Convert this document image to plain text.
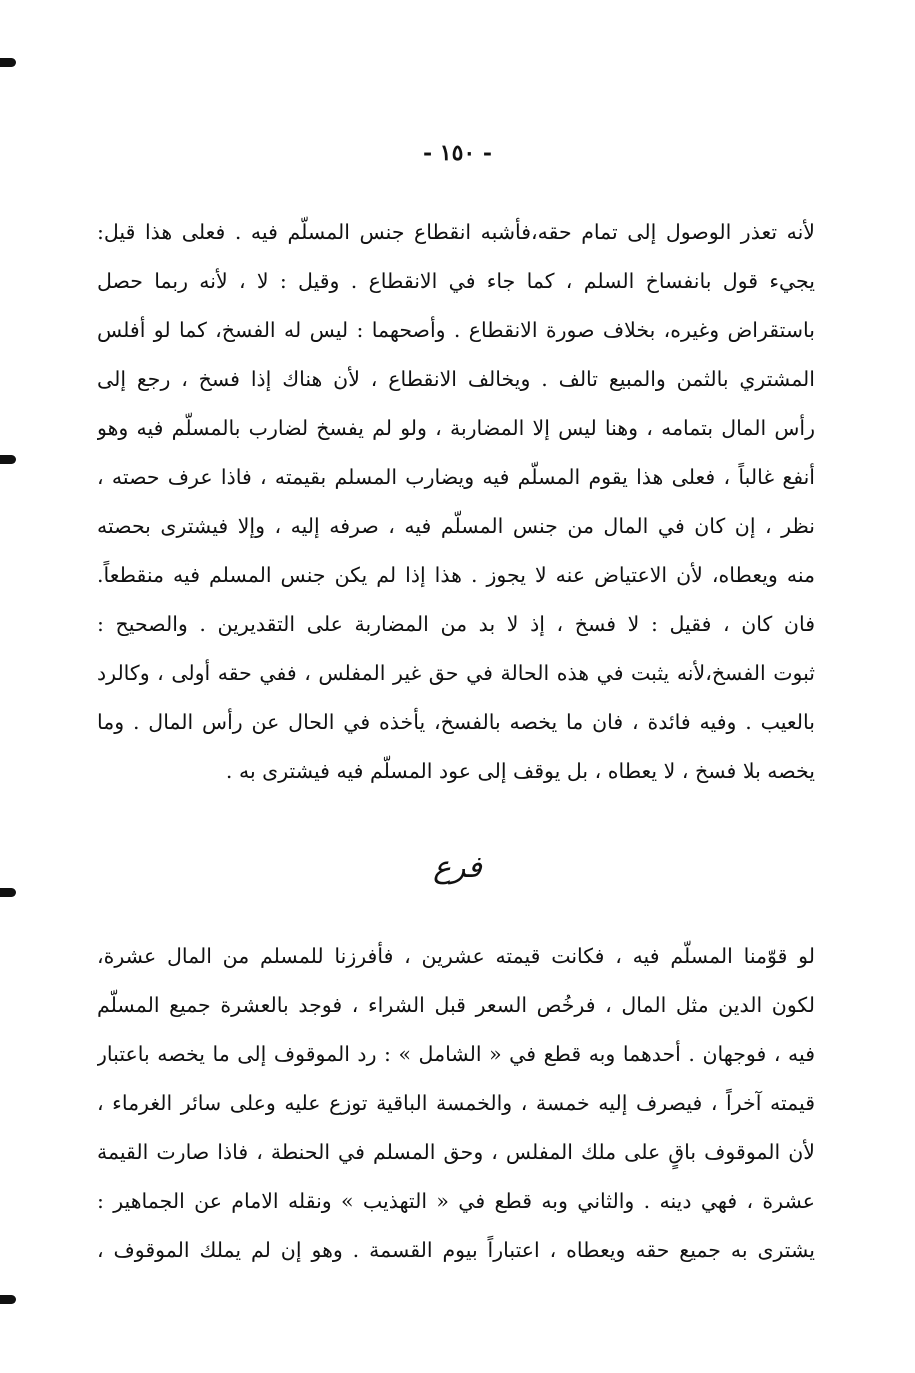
- ١٥٠ -
لأنه تعذر الوصول إلى تمام حقه،فأشبه انقطاع جنس المسلّم فيه . فعلى هذا قيل:
يجيء قول بانفساخ السلم ، كما جاء في الانقطاع . وقيل : لا ، لأنه ربما حصل
باستقراض وغيره، بخلاف صورة الانقطاع . وأصحهما : ليس له الفسخ، كما لو أفلس
المشتري بالثمن والمبيع تالف . ويخالف الانقطاع ، لأن هناك إذا فسخ ، رجع إلى
رأس المال بتمامه ، وهنا ليس إلا المضاربة ، ولو لم يفسخ لضارب بالمسلّم فيه وهو
أنفع غالباً ، فعلى هذا يقوم المسلّم فيه ويضارب المسلم بقيمته ، فاذا عرف حصته ،
نظر ، إن كان في المال من جنس المسلّم فيه ، صرفه إليه ، وإلا فيشترى بحصته
منه ويعطاه، لأن الاعتياض عنه لا يجوز . هذا إذا لم يكن جنس المسلم فيه منقطعاً.
فان كان ، فقيل : لا فسخ ، إذ لا بد من المضاربة على التقديرين . والصحيح :
ثبوت الفسخ،لأنه يثبت في هذه الحالة في حق غير المفلس ، ففي حقه أولى ، وكالرد
بالعيب . وفيه فائدة ، فان ما يخصه بالفسخ، يأخذه في الحال عن رأس المال . وما
يخصه بلا فسخ ، لا يعطاه ، بل يوقف إلى عود المسلّم فيه فيشترى به .
فرع
لو قوّمنا المسلّم فيه ، فكانت قيمته عشرين ، فأفرزنا للمسلم من المال عشرة،
لكون الدين مثل المال ، فرخُص السعر قبل الشراء ، فوجد بالعشرة جميع المسلّم
فيه ، فوجهان . أحدهما وبه قطع في « الشامل » : رد الموقوف إلى ما يخصه باعتبار
قيمته آخراً ، فيصرف إليه خمسة ، والخمسة الباقية توزع عليه وعلى سائر الغرماء ،
لأن الموقوف باقٍ على ملك المفلس ، وحق المسلم في الحنطة ، فاذا صارت القيمة
عشرة ، فهي دينه . والثاني وبه قطع في « التهذيب » ونقله الامام عن الجماهير :
يشترى به جميع حقه ويعطاه ، اعتباراً بيوم القسمة . وهو إن لم يملك الموقوف ،
